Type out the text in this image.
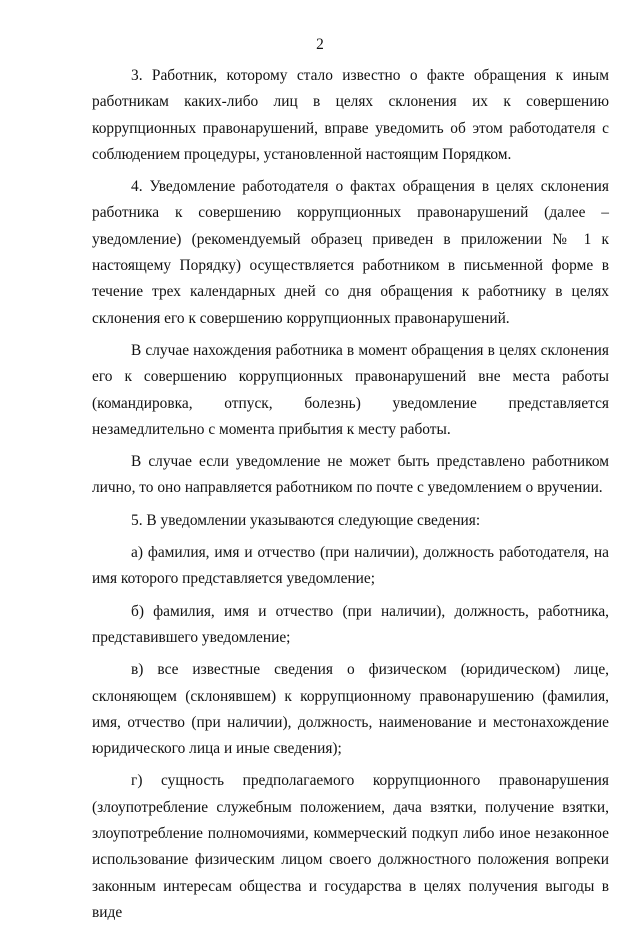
2

3. Работник, которому стало известно о факте обращения к иным работникам каких-либо лиц в целях склонения их к совершению коррупционных правонарушений, вправе уведомить об этом работодателя с соблюдением процедуры, установленной настоящим Порядком.

4. Уведомление работодателя о фактах обращения в целях склонения работника к совершению коррупционных правонарушений (далее – уведомление) (рекомендуемый образец приведен в приложении № 1 к настоящему Порядку) осуществляется работником в письменной форме в течение трех календарных дней со дня обращения к работнику в целях склонения его к совершению коррупционных правонарушений.

В случае нахождения работника в момент обращения в целях склонения его к совершению коррупционных правонарушений вне места работы (командировка, отпуск, болезнь) уведомление представляется незамедлительно с момента прибытия к месту работы.

В случае если уведомление не может быть представлено работником лично, то оно направляется работником по почте с уведомлением о вручении.

5. В уведомлении указываются следующие сведения:

а) фамилия, имя и отчество (при наличии), должность работодателя, на имя которого представляется уведомление;

б) фамилия, имя и отчество (при наличии), должность, работника, представившего уведомление;

в) все известные сведения о физическом (юридическом) лице, склоняющем (склонявшем) к коррупционному правонарушению (фамилия, имя, отчество (при наличии), должность, наименование и местонахождение юридического лица и иные сведения);

г) сущность предполагаемого коррупционного правонарушения (злоупотребление служебным положением, дача взятки, получение взятки, злоупотребление полномочиями, коммерческий подкуп либо иное незаконное использование физическим лицом своего должностного положения вопреки законным интересам общества и государства в целях получения выгоды в виде
